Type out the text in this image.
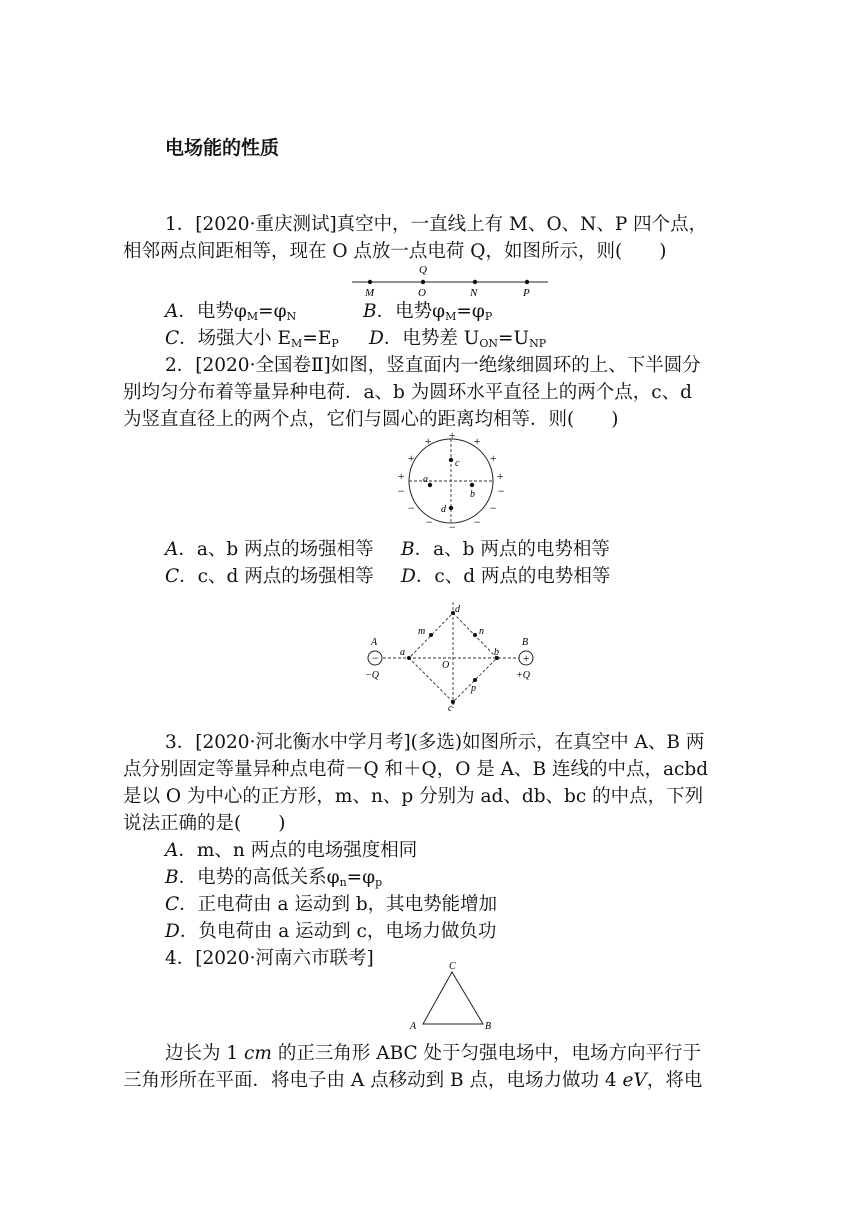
电场能的性质
1．[2020·重庆测试]真空中，一直线上有 M、O、N、P 四个点，
相邻两点间距相等，现在 O 点放一点电荷 Q，如图所示，则(　　)
Q
M	O	N	P
A．电势$\varphi_M=\varphi_N$	B．电势$\varphi_M=\varphi_P$
C．场强大小 $E_M=E_P$ D．电势差 $U_{ON}=U_{NP}$
2．[2020·全国卷Ⅱ]如图，竖直面内一绝缘细圆环的上、下半圆分
别均匀分布着等量异种电荷．a、b 为圆环水平直径上的两个点，c、d
为竖直直径上的两个点，它们与圆心的距离均相等．则(　　)
c
d
a
b
+
+	+
+	+
+	+
−	−
−	−
−	−
−
A．a、b 两点的场强相等 B．a、b 两点的电势相等
C．c、d 两点的场强相等 D．c、d 两点的电势相等
−	+
A	B
−Q	+Q
a	b
d
c
m	n
p
O
3．[2020·河北衡水中学月考](多选)如图所示，在真空中 A、B 两
点分别固定等量异种点电荷－Q 和＋Q，O 是 A、B 连线的中点，acbd
是以 O 为中心的正方形，m、n、p 分别为 ad、db、bc 的中点，下列
说法正确的是(　　)
A．m、n 两点的电场强度相同
B．电势的高低关系$\varphi_n=\varphi_p$
C．正电荷由 a 运动到 b，其电势能增加
D．负电荷由 a 运动到 c，电场力做负功
4．[2020·河南六市联考]	C
A	B
边长为 1 cm 的正三角形 ABC 处于匀强电场中，电场方向平行于
三角形所在平面．将电子由 A 点移动到 B 点，电场力做功 4 eV，将电
